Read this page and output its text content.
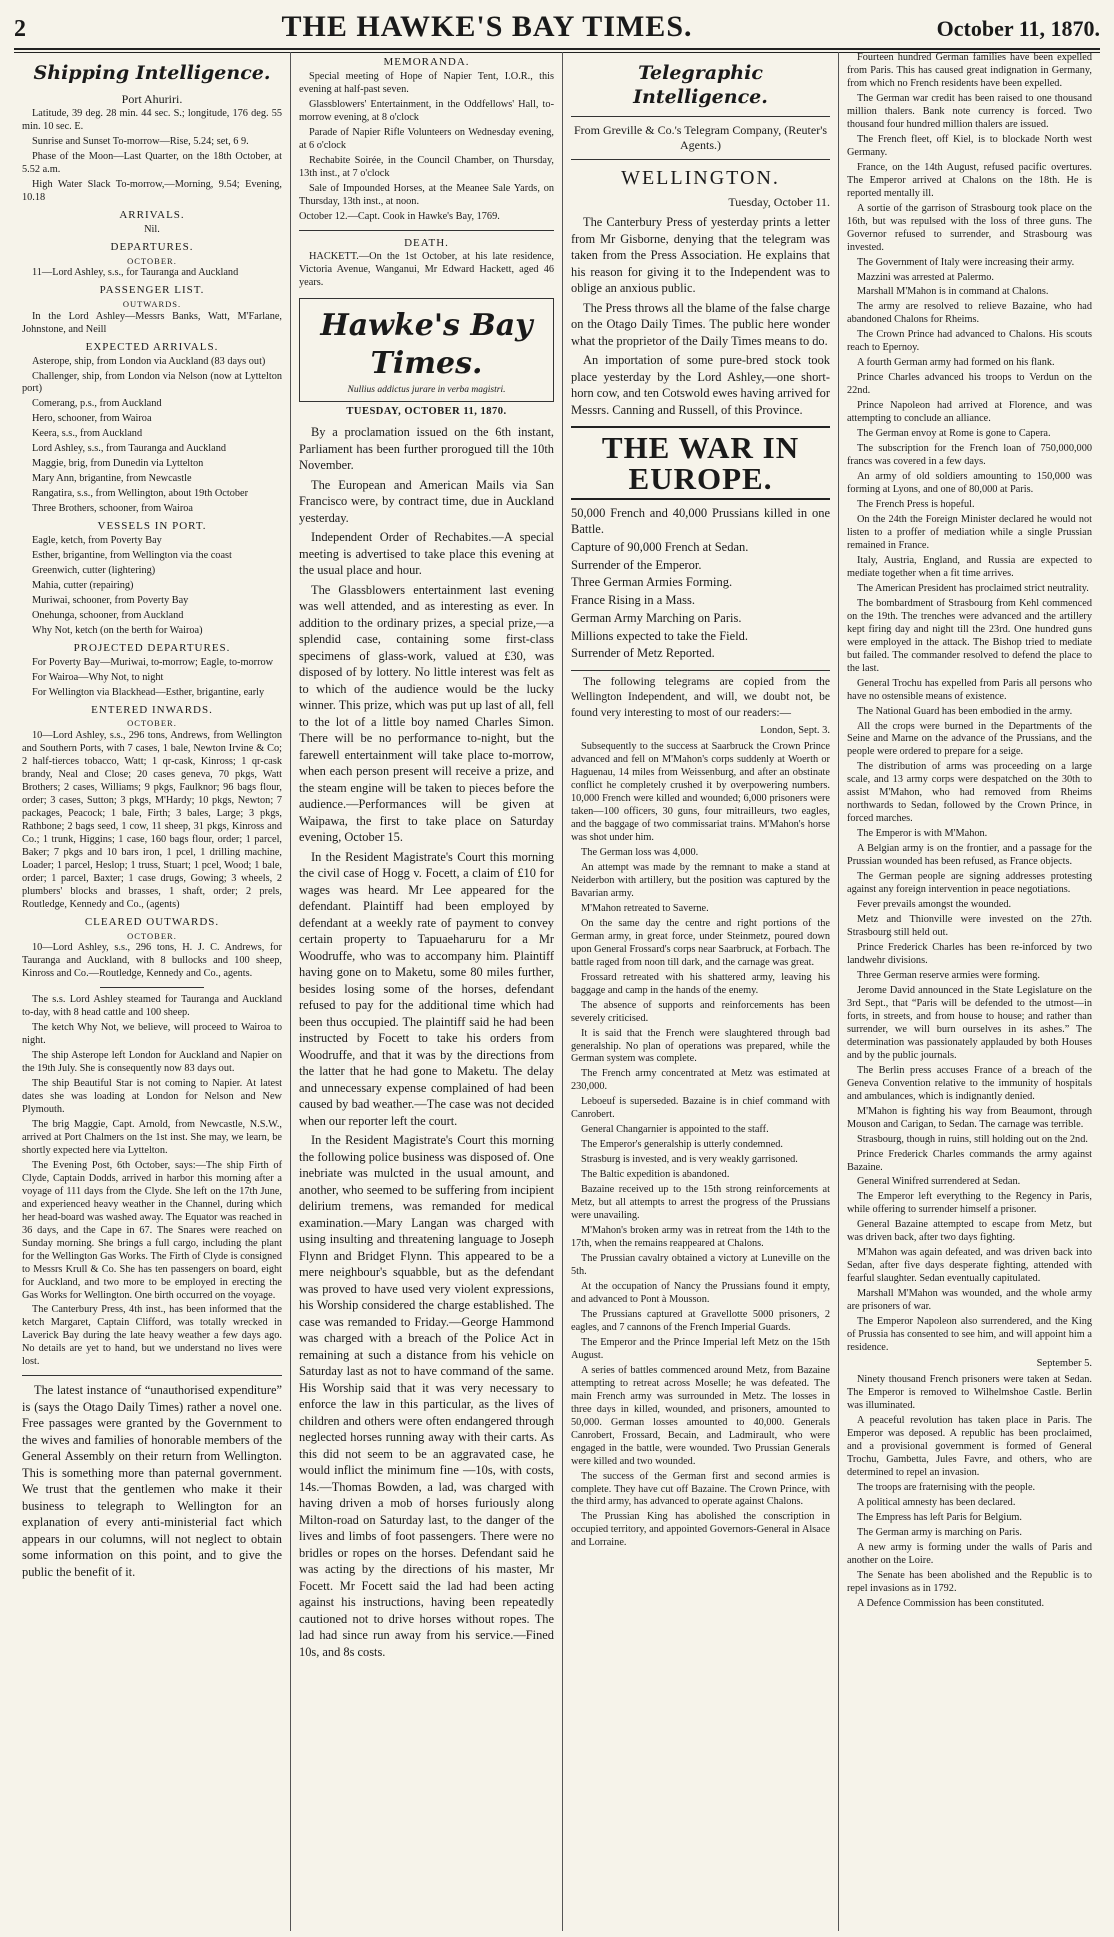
2	THE HAWKE'S BAY TIMES.	October 11, 1870.
Shipping Intelligence.
Port Ahuriri.

Latitude, 39 deg. 28 min. 44 sec. S.; longitude, 176 deg. 55 min. 10 sec. E.

Sunrise and Sunset To-morrow—Rise, 5.24; set, 6 9.

Phase of the Moon—Last Quarter, on the 18th October, at 5.52 a.m.

High Water Slack To-morrow,—Morning, 9.54; Evening, 10.18

ARRIVALS.
Nil.
DEPARTURES.
OCTOBER.

11—Lord Ashley, s.s., for Tauranga and Auckland

PASSENGER LIST.
OUTWARDS.

In the Lord Ashley—Messrs Banks, Watt, M'Farlane, Johnstone, and Neill

EXPECTED ARRIVALS.

Asterope, ship, from London via Auckland (83 days out)

Challenger, ship, from London via Nelson (now at Lyttelton port)

Comerang, p.s., from Auckland

Hero, schooner, from Wairoa

Keera, s.s., from Auckland

Lord Ashley, s.s., from Tauranga and Auckland

Maggie, brig, from Dunedin via Lyttelton

Mary Ann, brigantine, from Newcastle

Rangatira, s.s., from Wellington, about 19th October

Three Brothers, schooner, from Wairoa

VESSELS IN PORT.

Eagle, ketch, from Poverty Bay

Esther, brigantine, from Wellington via the coast

Greenwich, cutter (lightering)

Mahia, cutter (repairing)

Muriwai, schooner, from Poverty Bay

Onehunga, schooner, from Auckland

Why Not, ketch (on the berth for Wairoa)

PROJECTED DEPARTURES.

For Poverty Bay—Muriwai, to-morrow; Eagle, to-morrow

For Wairoa—Why Not, to night

For Wellington via Blackhead—Esther, brigantine, early

ENTERED INWARDS.
OCTOBER.

10—Lord Ashley, s.s., 296 tons, Andrews, from Wellington and Southern Ports, with 7 cases, 1 bale, Newton Irvine & Co; 2 half-tierces tobacco, Watt; 1 qr-cask, Kinross; 1 qr-cask brandy, Neal and Close; 20 cases geneva, 70 pkgs, Watt Brothers; 2 cases, Williams; 9 pkgs, Faulknor; 96 bags flour, order; 3 cases, Sutton; 3 pkgs, M'Hardy; 10 pkgs, Newton; 7 packages, Peacock; 1 bale, Firth; 3 bales, Large; 3 pkgs, Rathbone; 2 bags seed, 1 cow, 11 sheep, 31 pkgs, Kinross and Co.; 1 trunk, Higgins; 1 case, 160 bags flour, order; 1 parcel, Baker; 7 pkgs and 10 bars iron, 1 pcel, 1 drilling machine, Loader; 1 parcel, Heslop; 1 truss, Stuart; 1 pcel, Wood; 1 bale, order; 1 parcel, Baxter; 1 case drugs, Gowing; 3 wheels, 2 plumbers' blocks and brasses, 1 shaft, order; 2 prels, Routledge, Kennedy and Co., (agents)

CLEARED OUTWARDS.
OCTOBER.

10—Lord Ashley, s.s., 296 tons, H. J. C. Andrews, for Tauranga and Auckland, with 8 bullocks and 100 sheep, Kinross and Co.—Routledge, Kennedy and Co., agents.

The s.s. Lord Ashley steamed for Tauranga and Auckland to-day, with 8 head cattle and 100 sheep.

The ketch Why Not, we believe, will proceed to Wairoa to night.

The ship Asterope left London for Auckland and Napier on the 19th July. She is consequently now 83 days out.

The ship Beautiful Star is not coming to Napier. At latest dates she was loading at London for Nelson and New Plymouth.

The brig Maggie, Capt. Arnold, from Newcastle, N.S.W., arrived at Port Chalmers on the 1st inst. She may, we learn, be shortly expected here via Lyttelton.

The Evening Post, 6th October, says:—The ship Firth of Clyde, Captain Dodds, arrived in harbor this morning after a voyage of 111 days from the Clyde. She left on the 17th June, and experienced heavy weather in the Channel, during which her head-board was washed away. The Equator was reached in 36 days, and the Cape in 67. The Snares were reached on Sunday morning. She brings a full cargo, including the plant for the Wellington Gas Works. The Firth of Clyde is consigned to Messrs Krull & Co. She has ten passengers on board, eight for Auckland, and two more to be employed in erecting the Gas Works for Wellington. One birth occurred on the voyage.

The Canterbury Press, 4th inst., has been informed that the ketch Margaret, Captain Clifford, was totally wrecked in Laverick Bay during the late heavy weather a few days ago. No details are yet to hand, but we understand no lives were lost.

The latest instance of “unauthorised expenditure” is (says the Otago Daily Times) rather a novel one. Free passages were granted by the Government to the wives and families of honorable members of the General Assembly on their return from Wellington. This is something more than paternal government. We trust that the gentlemen who make it their business to telegraph to Wellington for an explanation of every anti-ministerial fact which appears in our columns, will not neglect to obtain some information on this point, and to give the public the benefit of it.

MEMORANDA.

Special meeting of Hope of Napier Tent, I.O.R., this evening at half-past seven.

Glassblowers' Entertainment, in the Oddfellows' Hall, to-morrow evening, at 8 o'clock

Parade of Napier Rifle Volunteers on Wednesday evening, at 6 o'clock

Rechabite Soirée, in the Council Chamber, on Thursday, 13th inst., at 7 o'clock

Sale of Impounded Horses, at the Meanee Sale Yards, on Thursday, 13th inst., at noon.

October 12.—Capt. Cook in Hawke's Bay, 1769.

DEATH.

HACKETT.—On the 1st October, at his late residence, Victoria Avenue, Wanganui, Mr Edward Hackett, aged 46 years.

Hawke's Bay Times.
Nullius addictus jurare in verba magistri.
TUESDAY, OCTOBER 11, 1870.

By a proclamation issued on the 6th instant, Parliament has been further prorogued till the 10th November.

The European and American Mails via San Francisco were, by contract time, due in Auckland yesterday.

Independent Order of Rechabites.—A special meeting is advertised to take place this evening at the usual place and hour.

The Glassblowers entertainment last evening was well attended, and as interesting as ever. In addition to the ordinary prizes, a special prize,—a splendid case, containing some first-class specimens of glass-work, valued at £30, was disposed of by lottery. No little interest was felt as to which of the audience would be the lucky winner. This prize, which was put up last of all, fell to the lot of a little boy named Charles Simon. There will be no performance to-night, but the farewell entertainment will take place to-morrow, when each person present will receive a prize, and the steam engine will be taken to pieces before the audience.—Performances will be given at Waipawa, the first to take place on Saturday evening, October 15.

In the Resident Magistrate's Court this morning the civil case of Hogg v. Focett, a claim of £10 for wages was heard. Mr Lee appeared for the defendant. Plaintiff had been employed by defendant at a weekly rate of payment to convey certain property to Tapuaeharuru for a Mr Woodruffe, who was to accompany him. Plaintiff having gone on to Maketu, some 80 miles further, besides losing some of the horses, defendant refused to pay for the additional time which had been thus occupied. The plaintiff said he had been instructed by Focett to take his orders from Woodruffe, and that it was by the directions from the latter that he had gone to Maketu. The delay and unnecessary expense complained of had been caused by bad weather.—The case was not decided when our reporter left the court.

In the Resident Magistrate's Court this morning the following police business was disposed of. One inebriate was mulcted in the usual amount, and another, who seemed to be suffering from incipient delirium tremens, was remanded for medical examination.—Mary Langan was charged with using insulting and threatening language to Joseph Flynn and Bridget Flynn. This appeared to be a mere neighbour's squabble, but as the defendant was proved to have used very violent expressions, his Worship considered the charge established. The case was remanded to Friday.—George Hammond was charged with a breach of the Police Act in remaining at such a distance from his vehicle on Saturday last as not to have command of the same. His Worship said that it was very necessary to enforce the law in this particular, as the lives of children and others were often endangered through neglected horses running away with their carts. As this did not seem to be an aggravated case, he would inflict the minimum fine —10s, with costs, 14s.—Thomas Bowden, a lad, was charged with having driven a mob of horses furiously along Milton-road on Saturday last, to the danger of the lives and limbs of foot passengers. There were no bridles or ropes on the horses. Defendant said he was acting by the directions of his master, Mr Focett. Mr Focett said the lad had been acting against his instructions, having been repeatedly cautioned not to drive horses without ropes. The lad had since run away from his service.—Fined 10s, and 8s costs.

Telegraphic Intelligence.
From Greville & Co.'s Telegram Company, (Reuter's Agents.)
WELLINGTON.
Tuesday, October 11.

The Canterbury Press of yesterday prints a letter from Mr Gisborne, denying that the telegram was taken from the Press Association. He explains that his reason for giving it to the Independent was to oblige an anxious public.

The Press throws all the blame of the false charge on the Otago Daily Times. The public here wonder what the proprietor of the Daily Times means to do.

An importation of some pure-bred stock took place yesterday by the Lord Ashley,—one short-horn cow, and ten Cotswold ewes having arrived for Messrs. Canning and Russell, of this Province.

THE WAR IN EUROPE.

50,000 French and 40,000 Prussians killed in one Battle.

Capture of 90,000 French at Sedan.

Surrender of the Emperor.

Three German Armies Forming.

France Rising in a Mass.

German Army Marching on Paris.

Millions expected to take the Field.

Surrender of Metz Reported.

The following telegrams are copied from the Wellington Independent, and will, we doubt not, be found very interesting to most of our readers:—

London, Sept. 3.

Subsequently to the success at Saarbruck the Crown Prince advanced and fell on M'Mahon's corps suddenly at Woerth or Haguenau, 14 miles from Weissenburg, and after an obstinate conflict he completely crushed it by overpowering numbers. 10,000 French were killed and wounded; 6,000 prisoners were taken—100 officers, 30 guns, four mitrailleurs, two eagles, and the baggage of two commissariat trains. M'Mahon's horse was shot under him.

The German loss was 4,000.

An attempt was made by the remnant to make a stand at Neiderbon with artillery, but the position was captured by the Bavarian army.

M'Mahon retreated to Saverne.

On the same day the centre and right portions of the German army, in great force, under Steinmetz, poured down upon General Frossard's corps near Saarbruck, at Forbach. The battle raged from noon till dark, and the carnage was great.

Frossard retreated with his shattered army, leaving his baggage and camp in the hands of the enemy.

The absence of supports and reinforcements has been severely criticised.

It is said that the French were slaughtered through bad generalship. No plan of operations was prepared, while the German system was complete.

The French army concentrated at Metz was estimated at 230,000.

Leboeuf is superseded. Bazaine is in chief command with Canrobert.

General Changarnier is appointed to the staff.

The Emperor's generalship is utterly condemned.

Strasburg is invested, and is very weakly garrisoned.

The Baltic expedition is abandoned.

Bazaine received up to the 15th strong reinforcements at Metz, but all attempts to arrest the progress of the Prussians were unavailing.

M'Mahon's broken army was in retreat from the 14th to the 17th, when the remains reappeared at Chalons.

The Prussian cavalry obtained a victory at Luneville on the 5th.

At the occupation of Nancy the Prussians found it empty, and advanced to Pont à Mousson.

The Prussians captured at Gravellotte 5000 prisoners, 2 eagles, and 7 cannons of the French Imperial Guards.

The Emperor and the Prince Imperial left Metz on the 15th August.

A series of battles commenced around Metz, from Bazaine attempting to retreat across Moselle; he was defeated. The main French army was surrounded in Metz. The losses in three days in killed, wounded, and prisoners, amounted to 50,000. German losses amounted to 40,000. Generals Canrobert, Frossard, Becain, and Ladmirault, who were engaged in the battle, were wounded. Two Prussian Generals were killed and two wounded.

The success of the German first and second armies is complete. They have cut off Bazaine. The Crown Prince, with the third army, has advanced to operate against Chalons.

The Prussian King has abolished the conscription in occupied territory, and appointed Governors-General in Alsace and Lorraine.

Fourteen hundred German families have been expelled from Paris. This has caused great indignation in Germany, from which no French residents have been expelled.

The German war credit has been raised to one thousand million thalers. Bank note currency is forced. Two thousand four hundred million thalers are issued.

The French fleet, off Kiel, is to blockade North west Germany.

France, on the 14th August, refused pacific overtures. The Emperor arrived at Chalons on the 18th. He is reported mentally ill.

A sortie of the garrison of Strasbourg took place on the 16th, but was repulsed with the loss of three guns. The Governor refused to surrender, and Strasbourg was invested.

The Government of Italy were increasing their army.

Mazzini was arrested at Palermo.

Marshall M'Mahon is in command at Chalons.

The army are resolved to relieve Bazaine, who had abandoned Chalons for Rheims.

The Crown Prince had advanced to Chalons. His scouts reach to Epernoy.

A fourth German army had formed on his flank.

Prince Charles advanced his troops to Verdun on the 22nd.

Prince Napoleon had arrived at Florence, and was attempting to conclude an alliance.

The German envoy at Rome is gone to Capera.

The subscription for the French loan of 750,000,000 francs was covered in a few days.

An army of old soldiers amounting to 150,000 was forming at Lyons, and one of 80,000 at Paris.

The French Press is hopeful.

On the 24th the Foreign Minister declared he would not listen to a proffer of mediation while a single Prussian remained in France.

Italy, Austria, England, and Russia are expected to mediate together when a fit time arrives.

The American President has proclaimed strict neutrality.

The bombardment of Strasbourg from Kehl commenced on the 19th. The trenches were advanced and the artillery kept firing day and night till the 23rd. One hundred guns were employed in the attack. The Bishop tried to mediate but failed. The commander resolved to defend the place to the last.

General Trochu has expelled from Paris all persons who have no ostensible means of existence.

The National Guard has been embodied in the army.

All the crops were burned in the Departments of the Seine and Marne on the advance of the Prussians, and the people were ordered to prepare for a seige.

The distribution of arms was proceeding on a large scale, and 13 army corps were despatched on the 30th to assist M'Mahon, who had removed from Rheims northwards to Sedan, followed by the Crown Prince, in forced marches.

The Emperor is with M'Mahon.

A Belgian army is on the frontier, and a passage for the Prussian wounded has been refused, as France objects.

The German people are signing addresses protesting against any foreign intervention in peace negotiations.

Fever prevails amongst the wounded.

Metz and Thionville were invested on the 27th. Strasbourg still held out.

Prince Frederick Charles has been re-inforced by two landwehr divisions.

Three German reserve armies were forming.

Jerome David announced in the State Legislature on the 3rd Sept., that “Paris will be defended to the utmost—in forts, in streets, and from house to house; and rather than surrender, we will burn ourselves in its ashes.” The determination was passionately applauded by both Houses and by the public journals.

The Berlin press accuses France of a breach of the Geneva Convention relative to the immunity of hospitals and ambulances, which is indignantly denied.

M'Mahon is fighting his way from Beaumont, through Mouson and Carigan, to Sedan. The carnage was terrible.

Strasbourg, though in ruins, still holding out on the 2nd.

Prince Frederick Charles commands the army against Bazaine.

General Winifred surrendered at Sedan.

The Emperor left everything to the Regency in Paris, while offering to surrender himself a prisoner.

General Bazaine attempted to escape from Metz, but was driven back, after two days fighting.

M'Mahon was again defeated, and was driven back into Sedan, after five days desperate fighting, attended with fearful slaughter. Sedan eventually capitulated.

Marshall M'Mahon was wounded, and the whole army are prisoners of war.

The Emperor Napoleon also surrendered, and the King of Prussia has consented to see him, and will appoint him a residence.

September 5.

Ninety thousand French prisoners were taken at Sedan. The Emperor is removed to Wilhelmshoe Castle. Berlin was illuminated.

A peaceful revolution has taken place in Paris. The Emperor was deposed. A republic has been proclaimed, and a provisional government is formed of General Trochu, Gambetta, Jules Favre, and others, who are determined to repel an invasion.

The troops are fraternising with the people.

A political amnesty has been declared.

The Empress has left Paris for Belgium.

The German army is marching on Paris.

A new army is forming under the walls of Paris and another on the Loire.

The Senate has been abolished and the Republic is to repel invasions as in 1792.

A Defence Commission has been constituted.
